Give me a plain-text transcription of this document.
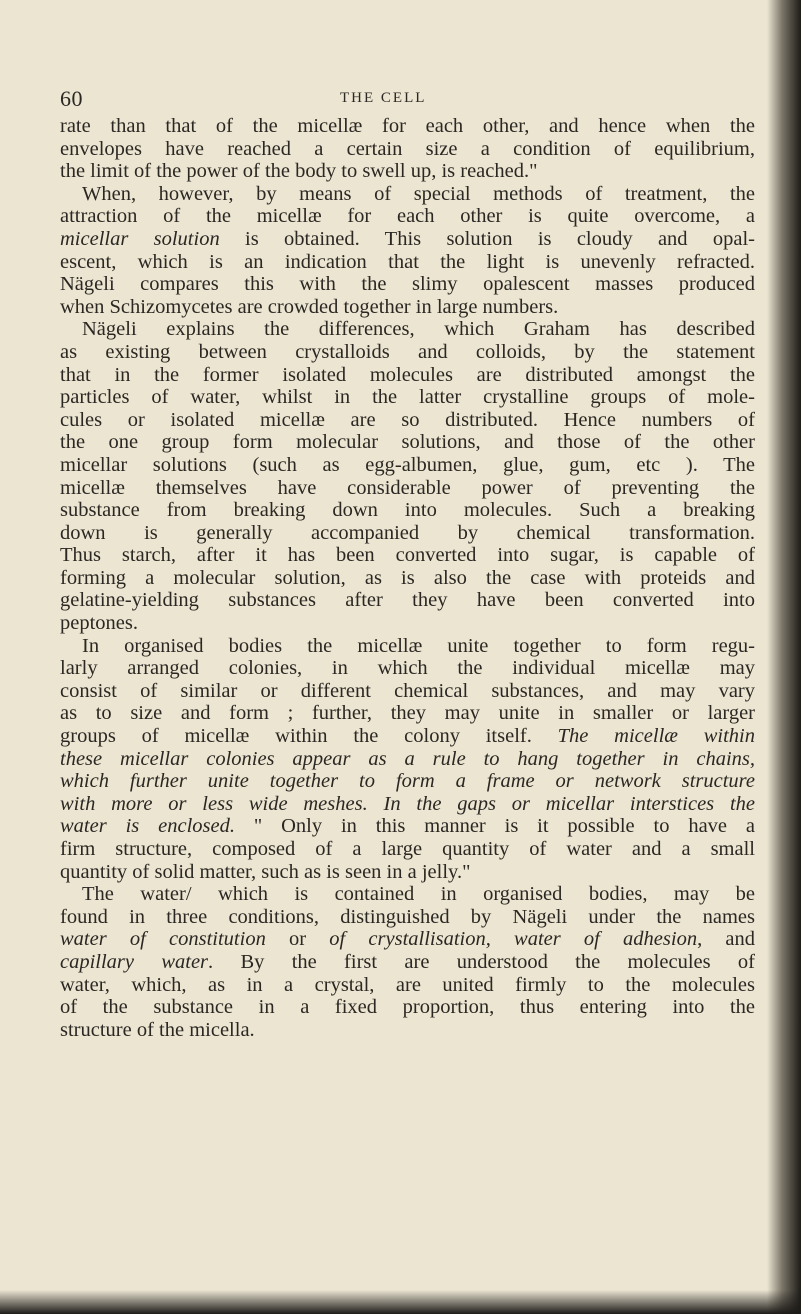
60	THE CELL
rate than that of the micellæ for each other, and hence when the
envelopes have reached a certain size a condition of equilibrium,
the limit of the power of the body to swell up, is reached."
When, however, by means of special methods of treatment, the
attraction of the micellæ for each other is quite overcome, a
micellar solution is obtained. This solution is cloudy and opal-
escent, which is an indication that the light is unevenly refracted.
Nägeli compares this with the slimy opalescent masses produced
when Schizomycetes are crowded together in large numbers.
Nägeli explains the differences, which Graham has described
as existing between crystalloids and colloids, by the statement
that in the former isolated molecules are distributed amongst the
particles of water, whilst in the latter crystalline groups of mole-
cules or isolated micellæ are so distributed. Hence numbers of
the one group form molecular solutions, and those of the other
micellar solutions (such as egg-albumen, glue, gum, etc ). The
micellæ themselves have considerable power of preventing the
substance from breaking down into molecules. Such a breaking
down is generally accompanied by chemical transformation.
Thus starch, after it has been converted into sugar, is capable of
forming a molecular solution, as is also the case with proteids and
gelatine-yielding substances after they have been converted into
peptones.
In organised bodies the micellæ unite together to form regu-
larly arranged colonies, in which the individual micellæ may
consist of similar or different chemical substances, and may vary
as to size and form ; further, they may unite in smaller or larger
groups of micellæ within the colony itself. The micellæ within
these micellar colonies appear as a rule to hang together in chains,
which further unite together to form a frame or network structure
with more or less wide meshes. In the gaps or micellar interstices the
water is enclosed. " Only in this manner is it possible to have a
firm structure, composed of a large quantity of water and a small
quantity of solid matter, such as is seen in a jelly."
The water/ which is contained in organised bodies, may be
found in three conditions, distinguished by Nägeli under the names
water of constitution or of crystallisation, water of adhesion, and
capillary water. By the first are understood the molecules of
water, which, as in a crystal, are united firmly to the molecules
of the substance in a fixed proportion, thus entering into the
structure of the micella.
